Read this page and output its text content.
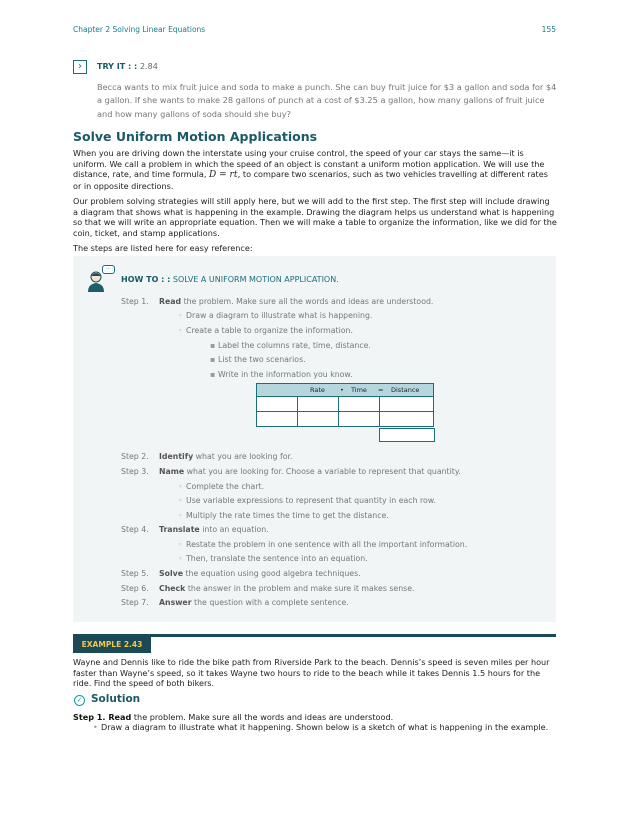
Chapter 2 Solving Linear Equations	155
›	TRY IT : : 2.84
Becca wants to mix fruit juice and soda to make a punch. She can buy fruit juice for $3 a gallon and soda for $4 a gallon. If she wants to make 28 gallons of punch at a cost of $3.25 a gallon, how many gallons of fruit juice and how many gallons of soda should she buy?
Solve Uniform Motion Applications
When you are driving down the interstate using your cruise control, the speed of your car stays the same—it is uniform. We call a problem in which the speed of an object is constant a uniform motion application. We will use the distance, rate, and time formula, D = rt, to compare two scenarios, such as two vehicles travelling at different rates or in opposite directions.
Our problem solving strategies will still apply here, but we will add to the first step. The first step will include drawing a diagram that shows what is happening in the example. Drawing the diagram helps us understand what is happening so that we will write an appropriate equation. Then we will make a table to organize the information, like we did for the coin, ticket, and stamp applications.
The steps are listed here for easy reference:
...
HOW TO : : SOLVE A UNIFORM MOTION APPLICATION.
Step 1. Read the problem. Make sure all the words and ideas are understood.
◦ Draw a diagram to illustrate what is happening.
◦ Create a table to organize the information.
▪ Label the columns rate, time, distance.
▪ List the two scenarios.
▪ Write in the information you know.
Rate • Time = Distance
Step 2. Identify what you are looking for.
Step 3. Name what you are looking for. Choose a variable to represent that quantity.
◦ Complete the chart.
◦ Use variable expressions to represent that quantity in each row.
◦ Multiply the rate times the time to get the distance.
Step 4. Translate into an equation.
◦ Restate the problem in one sentence with all the important information.
◦ Then, translate the sentence into an equation.
Step 5. Solve the equation using good algebra techniques.
Step 6. Check the answer in the problem and make sure it makes sense.
Step 7. Answer the question with a complete sentence.
EXAMPLE 2.43
Wayne and Dennis like to ride the bike path from Riverside Park to the beach. Dennis’s speed is seven miles per hour faster than Wayne’s speed, so it takes Wayne two hours to ride to the beach while it takes Dennis 1.5 hours for the ride. Find the speed of both bikers.
✓ Solution
Step 1. Read the problem. Make sure all the words and ideas are understood.
• Draw a diagram to illustrate what it happening. Shown below is a sketch of what is happening in the example.
